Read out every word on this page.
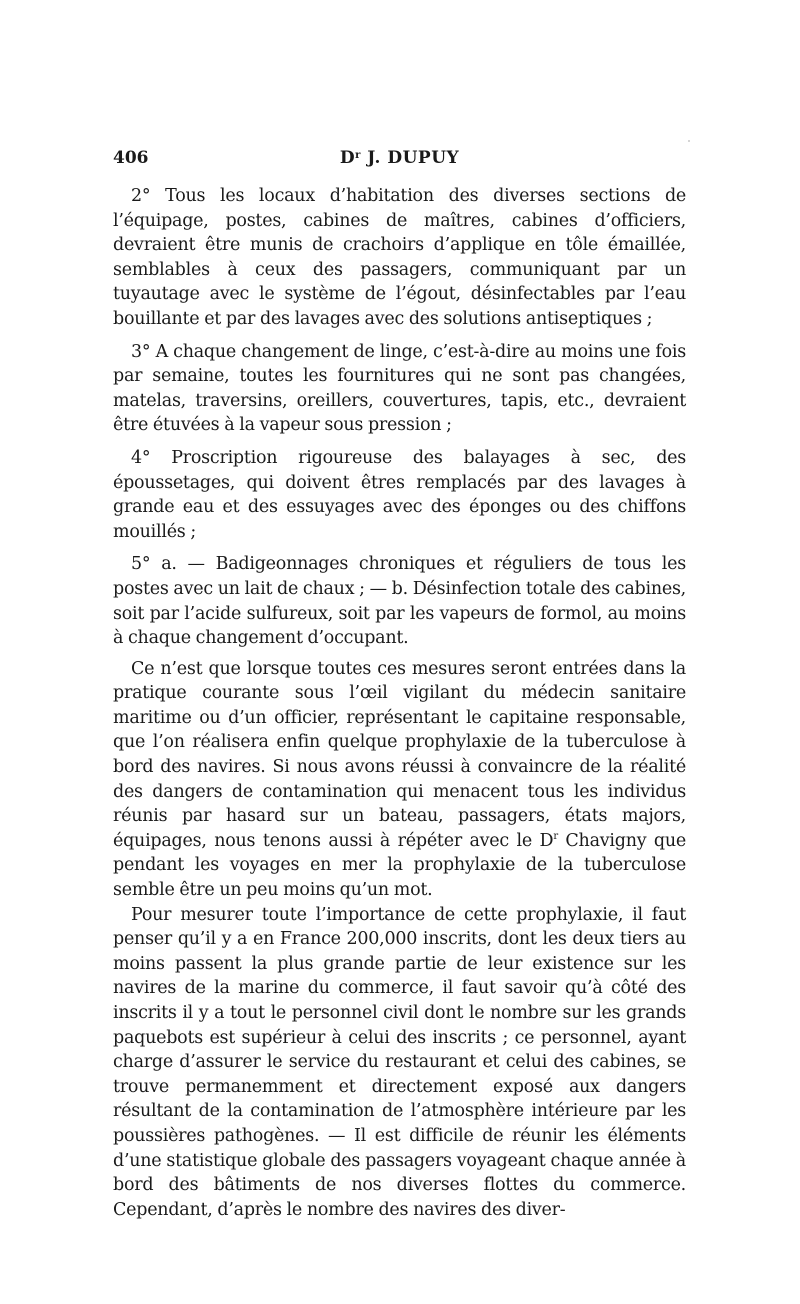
406	$D^r$ J. DUPUY

2° Tous les locaux d’habitation des diverses sections de l’équipage, postes, cabines de maîtres, cabines d’officiers, devraient être munis de crachoirs d’applique en tôle émaillée, semblables à ceux des passagers, communiquant par un tuyautage avec le système de l’égout, désinfectables par l’eau bouillante et par des lavages avec des solutions antiseptiques ;

3° A chaque changement de linge, c’est-à-dire au moins une fois par semaine, toutes les fournitures qui ne sont pas changées, matelas, traversins, oreillers, couvertures, tapis, etc., devraient être étuvées à la vapeur sous pression ;

4° Proscription rigoureuse des balayages à sec, des époussetages, qui doivent êtres remplacés par des lavages à grande eau et des essuyages avec des éponges ou des chiffons mouillés ;

5° a. — Badigeonnages chroniques et réguliers de tous les postes avec un lait de chaux ; — b. Désinfection totale des cabines, soit par l’acide sulfureux, soit par les vapeurs de formol, au moins à chaque changement d’occupant.

Ce n’est que lorsque toutes ces mesures seront entrées dans la pratique courante sous l’œil vigilant du médecin sanitaire maritime ou d’un officier, représentant le capitaine responsable, que l’on réalisera enfin quelque prophylaxie de la tuberculose à bord des navires. Si nous avons réussi à convaincre de la réalité des dangers de contamination qui menacent tous les individus réunis par hasard sur un bateau, passagers, états majors, équipages, nous tenons aussi à répéter avec le $D^r$ Chavigny que pendant les voyages en mer la prophylaxie de la tuberculose semble être un peu moins qu’un mot.

Pour mesurer toute l’importance de cette prophylaxie, il faut penser qu’il y a en France 200,000 inscrits, dont les deux tiers au moins passent la plus grande partie de leur existence sur les navires de la marine du commerce, il faut savoir qu’à côté des inscrits il y a tout le personnel civil dont le nombre sur les grands paquebots est supérieur à celui des inscrits ; ce personnel, ayant charge d’assurer le service du restaurant et celui des cabines, se trouve permanemment et directement exposé aux dangers résultant de la contamination de l’atmosphère intérieure par les poussières pathogènes. — Il est difficile de réunir les éléments d’une statistique globale des passagers voyageant chaque année à bord des bâtiments de nos diverses flottes du commerce. Cependant, d’après le nombre des navires des diver-
